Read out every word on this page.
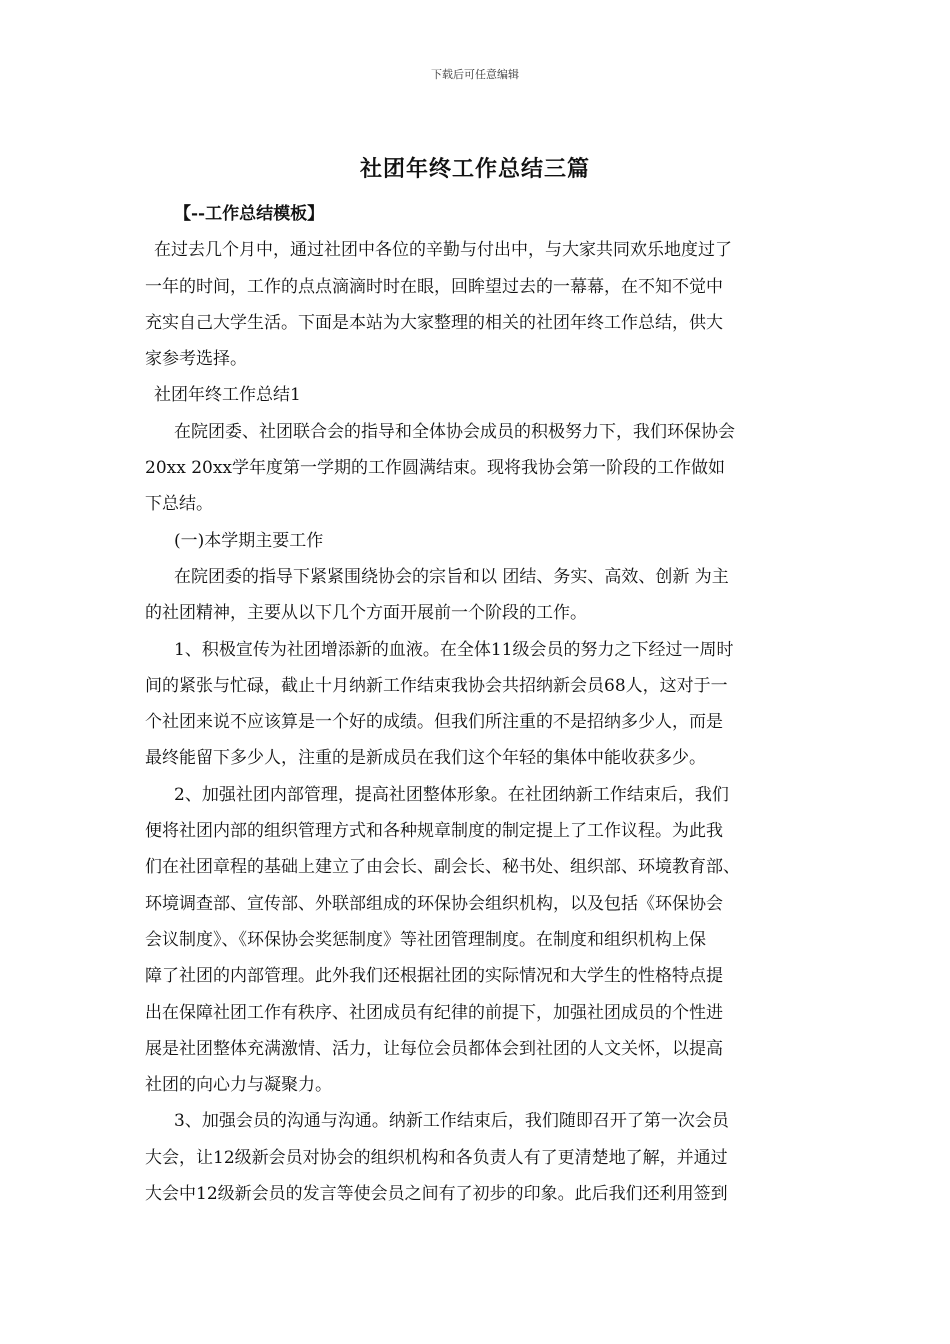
下载后可任意编辑
社团年终工作总结三篇
【--工作总结模板】
在过去几个月中，通过社团中各位的辛勤与付出中，与大家共同欢乐地度过了
一年的时间，工作的点点滴滴时时在眼，回眸望过去的一幕幕，在不知不觉中
充实自己大学生活。下面是本站为大家整理的相关的社团年终工作总结，供大
家参考选择。
社团年终工作总结1
在院团委、社团联合会的指导和全体协会成员的积极努力下，我们环保协会
20xx 20xx学年度第一学期的工作圆满结束。现将我协会第一阶段的工作做如
下总结。
(一)本学期主要工作
在院团委的指导下紧紧围绕协会的宗旨和以 团结、务实、高效、创新 为主
的社团精神，主要从以下几个方面开展前一个阶段的工作。
1、积极宣传为社团增添新的血液。在全体11级会员的努力之下经过一周时
间的紧张与忙碌，截止十月纳新工作结束我协会共招纳新会员68人，这对于一
个社团来说不应该算是一个好的成绩。但我们所注重的不是招纳多少人，而是
最终能留下多少人，注重的是新成员在我们这个年轻的集体中能收获多少。
2、加强社团内部管理，提高社团整体形象。在社团纳新工作结束后，我们
便将社团内部的组织管理方式和各种规章制度的制定提上了工作议程。为此我
们在社团章程的基础上建立了由会长、副会长、秘书处、组织部、环境教育部、
环境调查部、宣传部、外联部组成的环保协会组织机构，以及包括《环保协会
会议制度》、《环保协会奖惩制度》等社团管理制度。在制度和组织机构上保
障了社团的内部管理。此外我们还根据社团的实际情况和大学生的性格特点提
出在保障社团工作有秩序、社团成员有纪律的前提下，加强社团成员的个性进
展是社团整体充满激情、活力，让每位会员都体会到社团的人文关怀，以提高
社团的向心力与凝聚力。
3、加强会员的沟通与沟通。纳新工作结束后，我们随即召开了第一次会员
大会，让12级新会员对协会的组织机构和各负责人有了更清楚地了解，并通过
大会中12级新会员的发言等使会员之间有了初步的印象。此后我们还利用签到
